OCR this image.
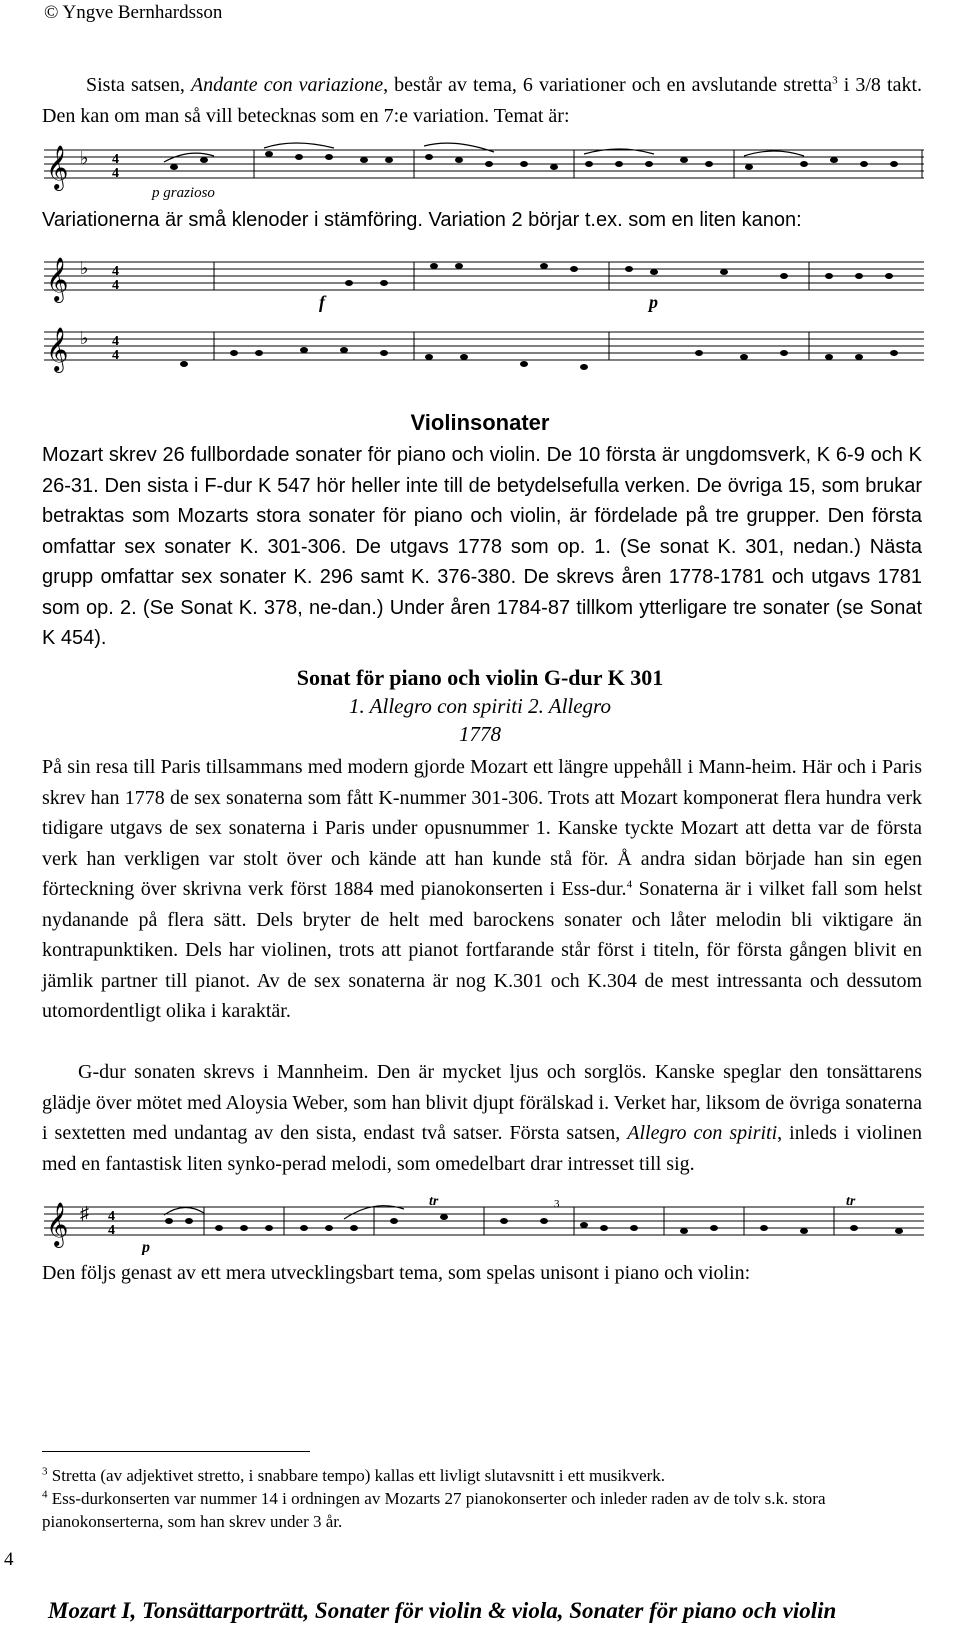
© Yngve Bernhardsson
Sista satsen, Andante con variazione, består av tema, 6 variationer och en avslutande stretta$^3$ i 3/8 takt. Den kan om man så vill betecknas som en 7:e variation. Temat är:
𝄞 ♭ 4
4
p grazioso
Variationerna är små klenoder i stämföring. Variation 2 börjar t.ex. som en liten kanon:
𝄞
𝄞
♭
♭
4
4
4
4
f	p
Violinsonater
Mozart skrev 26 fullbordade sonater för piano och violin. De 10 första är ungdomsverk, K 6-9 och K 26-31. Den sista i F-dur K 547 hör heller inte till de betydelsefulla verken. De övriga 15, som brukar betraktas som Mozarts stora sonater för piano och violin, är fördelade på tre grupper. Den första omfattar sex sonater K. 301-306. De utgavs 1778 som op. 1. (Se sonat K. 301, nedan.) Nästa grupp omfattar sex sonater K. 296 samt K. 376-380. De skrevs åren 1778-1781 och utgavs 1781 som op. 2. (Se Sonat K. 378, ne-dan.) Under åren 1784-87 tillkom ytterligare tre sonater (se Sonat K 454).
Sonat för piano och violin G-dur K 301
1. Allegro con spiriti 2. Allegro
1778
På sin resa till Paris tillsammans med modern gjorde Mozart ett längre uppehåll i Mann-heim. Här och i Paris skrev han 1778 de sex sonaterna som fått K-nummer 301-306. Trots att Mozart komponerat flera hundra verk tidigare utgavs de sex sonaterna i Paris under opusnummer 1. Kanske tyckte Mozart att detta var de första verk han verkligen var stolt över och kände att han kunde stå för. Å andra sidan började han sin egen förteckning över skrivna verk först 1884 med pianokonserten i Ess-dur.$^4$ Sonaterna är i vilket fall som helst nydanande på flera sätt. Dels bryter de helt med barockens sonater och låter melodin bli viktigare än kontrapunktiken. Dels har violinen, trots att pianot fortfarande står först i titeln, för första gången blivit en jämlik partner till pianot. Av de sex sonaterna är nog K.301 och K.304 de mest intressanta och dessutom utomordentligt olika i karaktär.
G-dur sonaten skrevs i Mannheim. Den är mycket ljus och sorglös. Kanske speglar den tonsättarens glädje över mötet med Aloysia Weber, som han blivit djupt förälskad i. Verket har, liksom de övriga sonaterna i sextetten med undantag av den sista, endast två satser. Första satsen, Allegro con spiriti, inleds i violinen med en fantastisk liten synko-perad melodi, som omedelbart drar intresset till sig.
𝄞 ♯ 4
4
p
tr	3	tr
Den följs genast av ett mera utvecklingsbart tema, som spelas unisont i piano och violin:
$^3$ Stretta (av adjektivet stretto, i snabbare tempo) kallas ett livligt slutavsnitt i ett musikverk.
$^4$ Ess-durkonserten var nummer 14 i ordningen av Mozarts 27 pianokonserter och inleder raden av de tolv s.k. stora pianokonserterna, som han skrev under 3 år.
4
Mozart I, Tonsättarporträtt, Sonater för violin & viola, Sonater för piano och violin
